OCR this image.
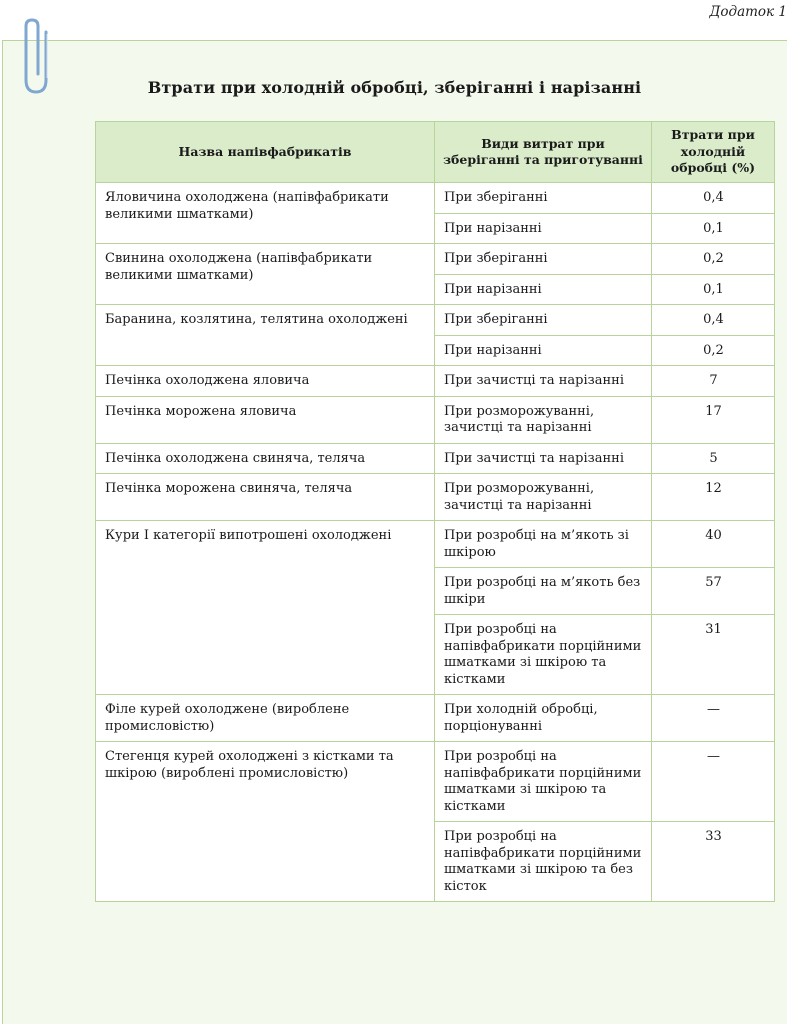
Додаток 1
Втрати при холодній обробці, зберіганні і нарізанні
Назва напівфабрикатів	Види витрат при зберіганні та приготуванні	Втрати при холодній обробці (%)
Яловичина охолоджена (напівфабрикати великими шматками)	При зберіганні	0,4
	При нарізанні	0,1
Свинина охолоджена (напівфабрикати великими шматками)	При зберіганні	0,2
	При нарізанні	0,1
Баранина, козлятина, телятина охолоджені	При зберіганні	0,4
	При нарізанні	0,2
Печінка охолоджена яловича	При зачистці та нарізанні	7
Печінка морожена яловича	При розморожуванні, зачистці та нарізанні	17
Печінка охолоджена свиняча, теляча	При зачистці та нарізанні	5
Печінка морожена свиняча, теляча	При розморожуванні, зачистці та нарізанні	12
Кури I категорії випотрошені охолоджені	При розробці на м’якоть зі шкірою	40
	При розробці на м’якоть без шкіри	57
	При розробці на напівфабрикати порційними шматками зі шкірою та кістками	31
Філе курей охолоджене (вироблене промисловістю)	При холодній обробці, порціонуванні	—
Стегенця курей охолоджені з кістками та шкірою (вироблені промисловістю)	При розробці на напівфабрикати порційними шматками зі шкірою та кістками	—
	При розробці на напівфабрикати порційними шматками зі шкірою та без кісток	33
